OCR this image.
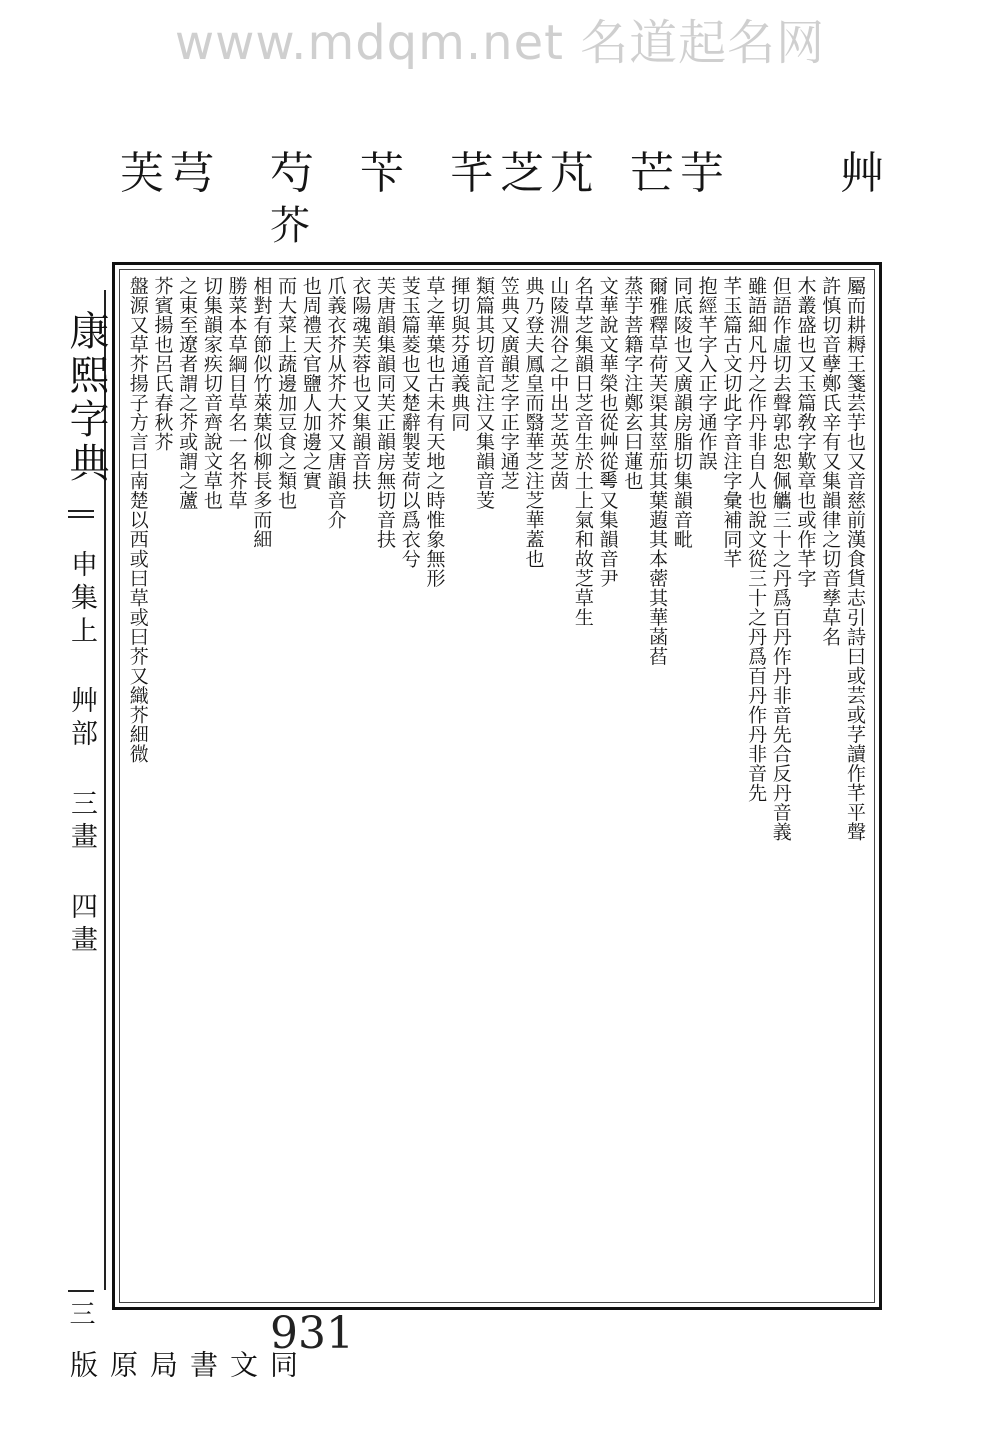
www.mdqm.net 名道起名网
芙 芎 芍
芥
苄 芊 芝 芃 芒 芋	艸
康熙字典
申集上 艸部 三畫 四畫
三
同文書局原版
屬而耕耨王箋芸芋也又音慈前漢食貨志引詩曰或芸或芓讀作芊平聲
許慎切音孽鄭氏辛有又集韻律之切音孳草名
木叢盛也又玉篇敎字歎章也或作芊字
但語作虛切去聲郭忠恕佩觿三十之丹爲百丹作丹非音先合反丹音義
雖語細凡丹之作丹非自人也說文從三十之丹爲百丹作丹非音先
芊玉篇古文切此字音注字彙補同芊
抱經芊字入正字通作誤
同底陵也又廣韻房脂切集韻音毗
爾雅釋草荷芙渠其莖茄其葉蕸其本蔤其華菡萏
蒸芋菩籍字注鄭玄曰蓮也
文華說文華榮也從艸從𠌶又集韻音尹
名草芝集韻日芝音生於土上氣和故芝草生
山陵淵谷之中出芝英芝茵
典乃登夫鳳皇而翳華芝注芝華蓋也
笠典又廣韻芝字正字通芝
類篇其切音記注又集韻音芰
揮切與芬通義典同
草之華葉也古未有天地之時惟象無形
芰玉篇菱也又楚辭製芰荷以爲衣兮
芙唐韻集韻同芙正韻房無切音扶
衣陽魂芙蓉也又集韻音扶
爪義衣芥从芥大芥又唐韻音介
也周禮天官鹽人加邊之實
而大菜上蔬邊加豆食之類也
相對有節似竹萊葉似柳長多而細
勝菜本草綱目草名一名芥草
切集韻家疾切音齊說文草也
之東至遼者謂之芥或謂之蘆
芥賓揚也呂氏春秋芥
盤源又草芥揚子方言曰南楚以西或曰草或曰芥又織芥細微
931
